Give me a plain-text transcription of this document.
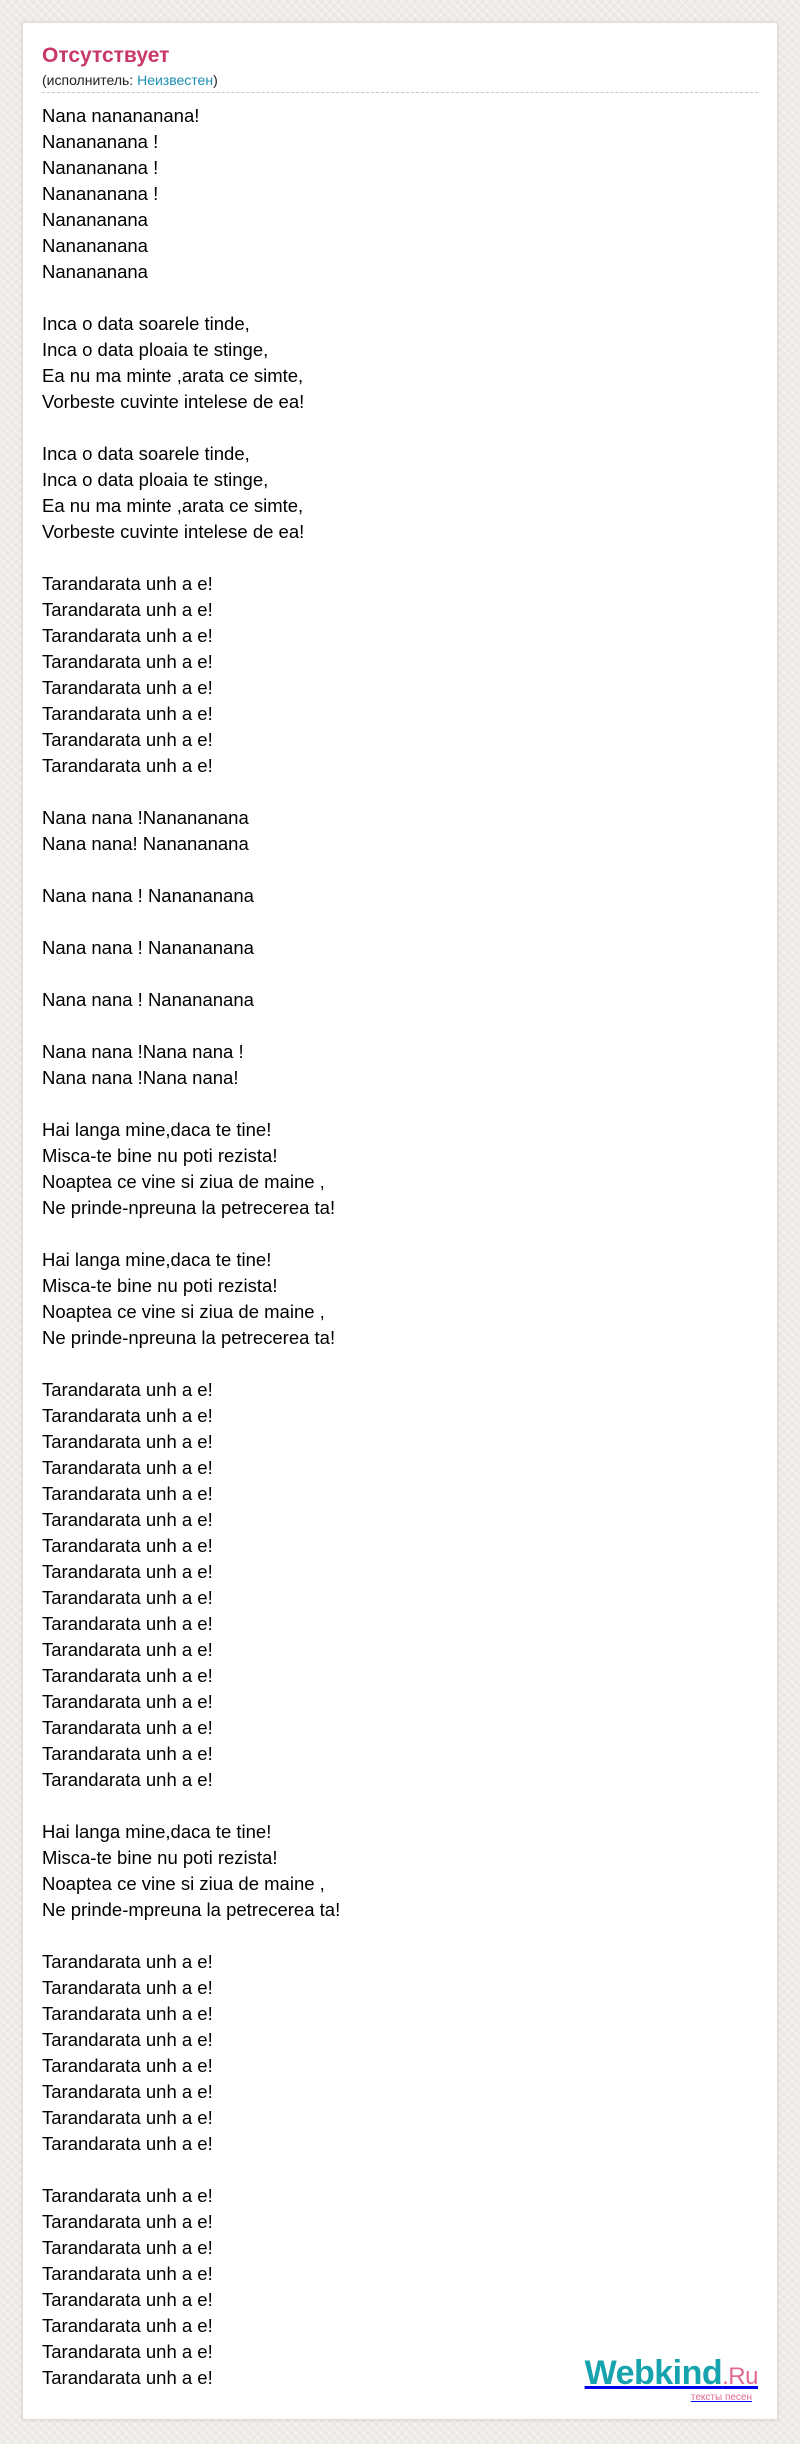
Отсутствует
(исполнитель: Неизвестен)
Nana nanananana!
Nanananana !
Nanananana !
Nanananana !
Nanananana
Nanananana
Nanananana
Inca o data soarele tinde,
Inca o data ploaia te stinge,
Ea nu ma minte ,arata ce simte,
Vorbeste cuvinte intelese de ea!
Inca o data soarele tinde,
Inca o data ploaia te stinge,
Ea nu ma minte ,arata ce simte,
Vorbeste cuvinte intelese de ea!
Tarandarata unh a e!
Tarandarata unh a e!
Tarandarata unh a e!
Tarandarata unh a e!
Tarandarata unh a e!
Tarandarata unh a e!
Tarandarata unh a e!
Tarandarata unh a e!
Nana nana !Nanananana
Nana nana! Nanananana
Nana nana ! Nanananana
Nana nana ! Nanananana
Nana nana ! Nanananana
Nana nana !Nana nana !
Nana nana !Nana nana!
Hai langa mine,daca te tine!
Misca-te bine nu poti rezista!
Noaptea ce vine si ziua de maine ,
Ne prinde-npreuna la petrecerea ta!
Hai langa mine,daca te tine!
Misca-te bine nu poti rezista!
Noaptea ce vine si ziua de maine ,
Ne prinde-npreuna la petrecerea ta!
Tarandarata unh a e!
Tarandarata unh a e!
Tarandarata unh a e!
Tarandarata unh a e!
Tarandarata unh a e!
Tarandarata unh a e!
Tarandarata unh a e!
Tarandarata unh a e!
Tarandarata unh a e!
Tarandarata unh a e!
Tarandarata unh a e!
Tarandarata unh a e!
Tarandarata unh a e!
Tarandarata unh a e!
Tarandarata unh a e!
Tarandarata unh a e!
Hai langa mine,daca te tine!
Misca-te bine nu poti rezista!
Noaptea ce vine si ziua de maine ,
Ne prinde-mpreuna la petrecerea ta!
Tarandarata unh a e!
Tarandarata unh a e!
Tarandarata unh a e!
Tarandarata unh a e!
Tarandarata unh a e!
Tarandarata unh a e!
Tarandarata unh a e!
Tarandarata unh a e!
Tarandarata unh a e!
Tarandarata unh a e!
Tarandarata unh a e!
Tarandarata unh a e!
Tarandarata unh a e!
Tarandarata unh a e!
Tarandarata unh a e!
Tarandarata unh a e!	Webkind.Ru
тексты песен
